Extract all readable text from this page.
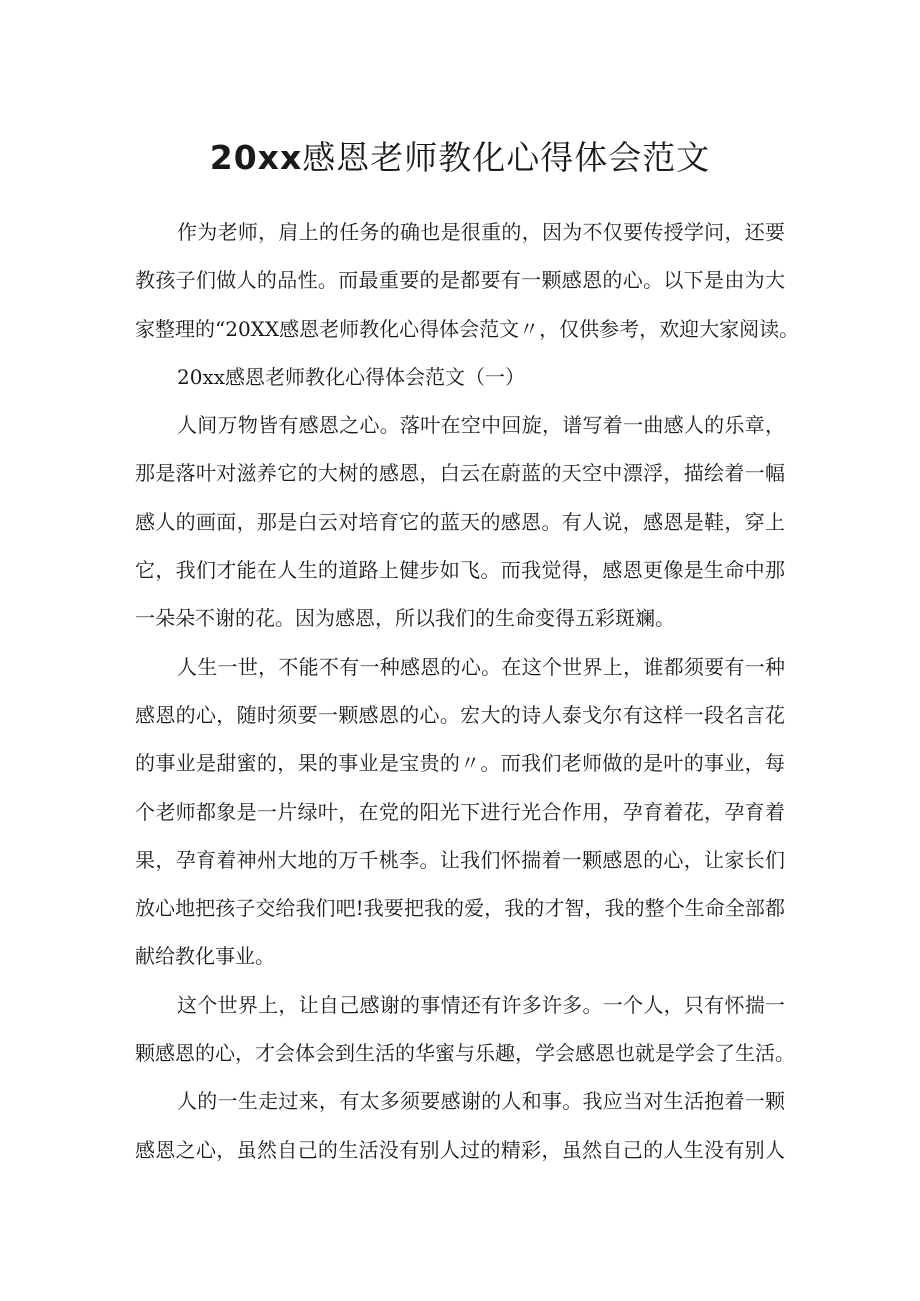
20xx感恩老师教化心得体会范文
作为老师，肩上的任务的确也是很重的，因为不仅要传授学问，还要
教孩子们做人的品性。而最重要的是都要有一颗感恩的心。以下是由为大
家整理的“20XX感恩老师教化心得体会范文〃，仅供参考，欢迎大家阅读。
20xx感恩老师教化心得体会范文（一）
人间万物皆有感恩之心。落叶在空中回旋，谱写着一曲感人的乐章，
那是落叶对滋养它的大树的感恩，白云在蔚蓝的天空中漂浮，描绘着一幅
感人的画面，那是白云对培育它的蓝天的感恩。有人说，感恩是鞋，穿上
它，我们才能在人生的道路上健步如飞。而我觉得，感恩更像是生命中那
一朵朵不谢的花。因为感恩，所以我们的生命变得五彩斑斓。
人生一世，不能不有一种感恩的心。在这个世界上，谁都须要有一种
感恩的心，随时须要一颗感恩的心。宏大的诗人泰戈尔有这样一段名言花
的事业是甜蜜的，果的事业是宝贵的〃。而我们老师做的是叶的事业，每
个老师都象是一片绿叶，在党的阳光下进行光合作用，孕育着花，孕育着
果，孕育着神州大地的万千桃李。让我们怀揣着一颗感恩的心，让家长们
放心地把孩子交给我们吧!我要把我的爱，我的才智，我的整个生命全部都
献给教化事业。
这个世界上，让自己感谢的事情还有许多许多。一个人，只有怀揣一
颗感恩的心，才会体会到生活的华蜜与乐趣，学会感恩也就是学会了生活。
人的一生走过来，有太多须要感谢的人和事。我应当对生活抱着一颗
感恩之心，虽然自己的生活没有别人过的精彩，虽然自己的人生没有别人
